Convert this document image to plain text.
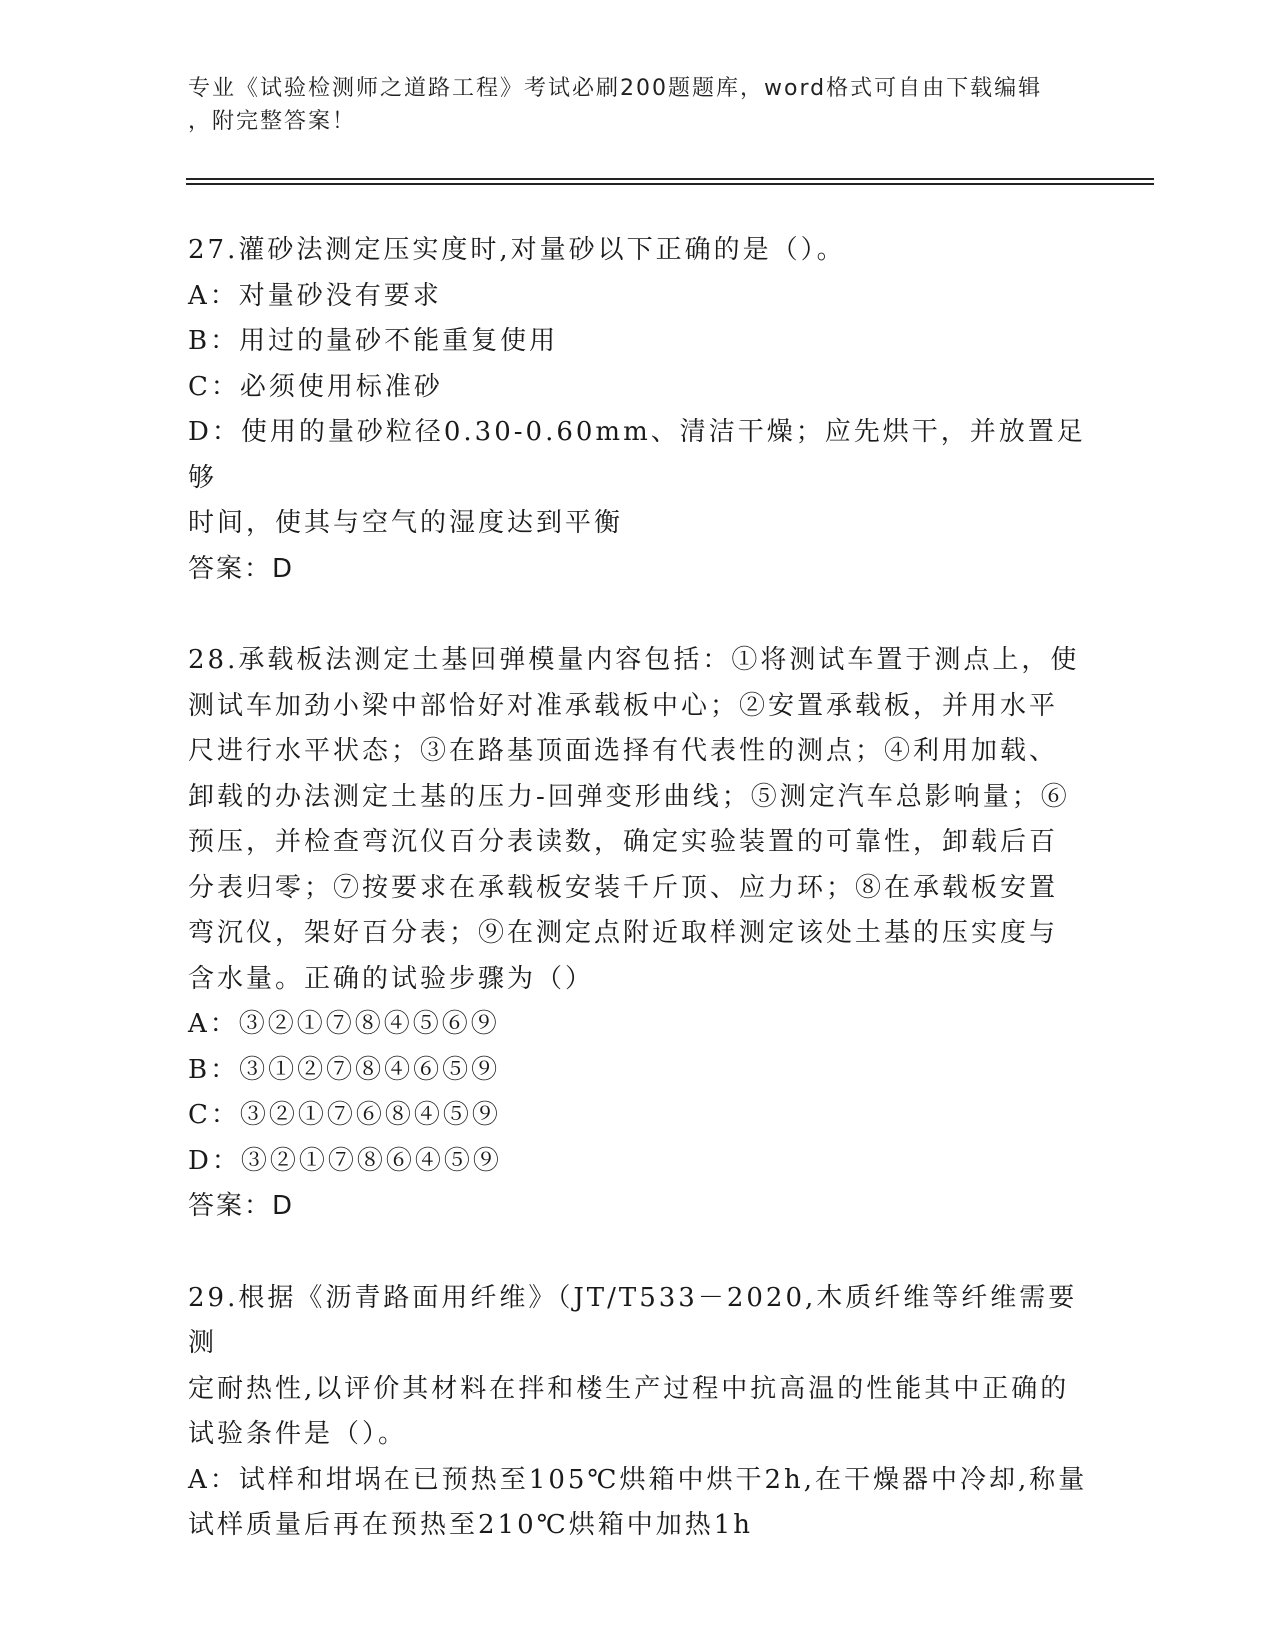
专业《试验检测师之道路工程》考试必刷200题题库，word格式可自由下载编辑
，附完整答案！

27.灌砂法测定压实度时,对量砂以下正确的是（）。

A：对量砂没有要求

B：用过的量砂不能重复使用

C：必须使用标准砂

D：使用的量砂粒径0.30-0.60mm、清洁干燥；应先烘干，并放置足够
时间，使其与空气的湿度达到平衡

答案：D

28.承载板法测定土基回弹模量内容包括：①将测试车置于测点上，使
测试车加劲小梁中部恰好对准承载板中心；②安置承载板，并用水平
尺进行水平状态；③在路基顶面选择有代表性的测点；④利用加载、
卸载的办法测定土基的压力-回弹变形曲线；⑤测定汽车总影响量；⑥
预压，并检查弯沉仪百分表读数，确定实验装置的可靠性，卸载后百
分表归零；⑦按要求在承载板安装千斤顶、应力环；⑧在承载板安置
弯沉仪，架好百分表；⑨在测定点附近取样测定该处土基的压实度与
含水量。正确的试验步骤为（）

A：③②①⑦⑧④⑤⑥⑨

B：③①②⑦⑧④⑥⑤⑨

C：③②①⑦⑥⑧④⑤⑨

D：③②①⑦⑧⑥④⑤⑨

答案：D

29.根据《沥青路面用纤维》（JT/T533－2020,木质纤维等纤维需要测
定耐热性,以评价其材料在拌和楼生产过程中抗高温的性能其中正确的
试验条件是（）。

A：试样和坩埚在已预热至105℃烘箱中烘干2h,在干燥器中冷却,称量
试样质量后再在预热至210℃烘箱中加热1h
